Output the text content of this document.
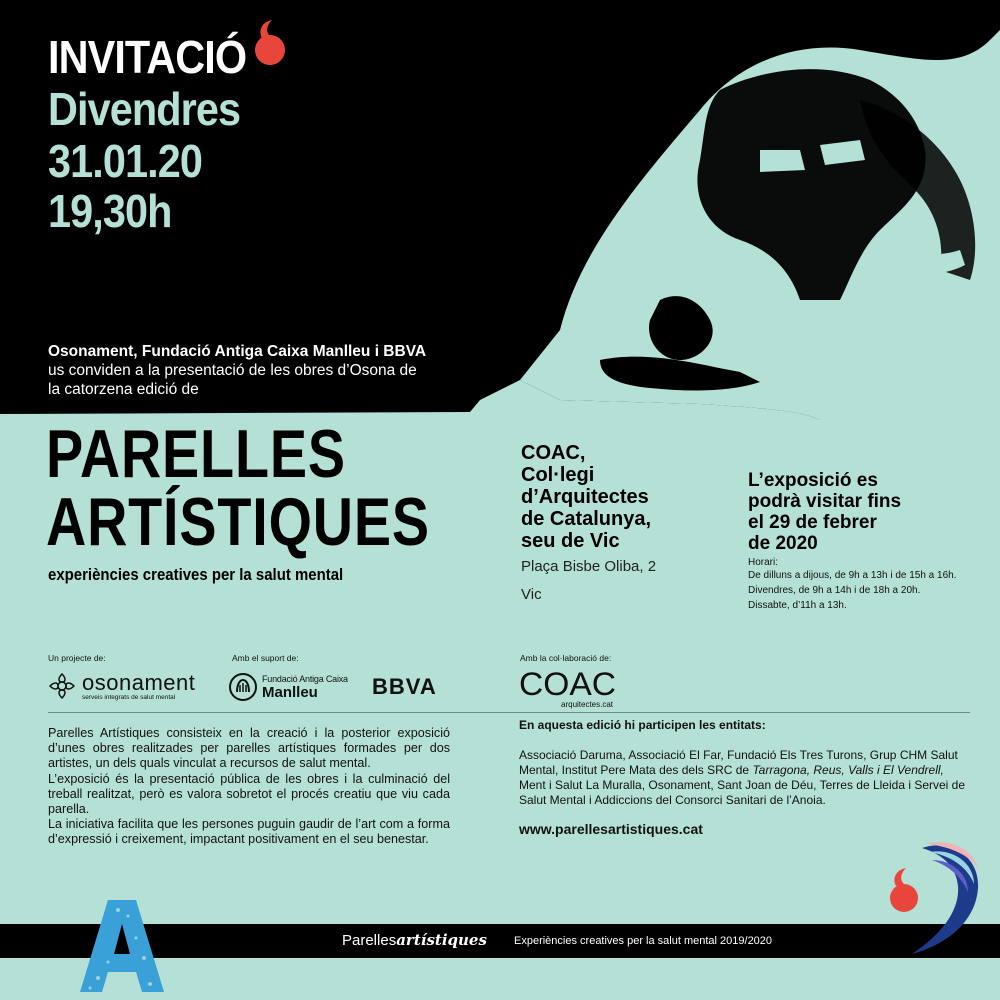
INVITACIÓ
Divendres
31.01.20
19,30h
Osonament, Fundació Antiga Caixa Manlleu i BBVA
us conviden a la presentació de les obres d’Osona de
la catorzena edició de
PARELLES
ARTÍSTIQUES
experiències creatives per la salut mental
COAC,
Col·legi
d’Arquitectes
de Catalunya,
seu de Vic
Plaça Bisbe Oliba, 2
Vic
L’exposició es
podrà visitar fins
el 29 de febrer
de 2020
Horari:
De dilluns a dijous, de 9h a 13h i de 15h a 16h.
Divendres, de 9h a 14h i de 18h a 20h.
Dissabte, d’11h a 13h.
Un projecte de:	Amb el suport de:	Amb la col·laboració de:
osonament
serveis integrats de salut mental
Fundació Antiga Caixa
Manlleu BBVA	COAC
arquitectes.cat

Parelles Artístiques consisteix en la creació i la posterior exposició d’unes obres realitzades per parelles artístiques formades per dos artistes, un dels quals vinculat a recursos de salut mental.

L’exposició és la presentació pública de les obres i la culminació del treball realitzat, però es valora sobretot el procés creatiu que viu cada parella.

La iniciativa facilita que les persones puguin gaudir de l’art com a forma d’expressió i creixement, impactant positivament en el seu benestar.

En aquesta edició hi participen les entitats:
Associació Daruma, Associació El Far, Fundació Els Tres Turons, Grup CHM Salut Mental, Institut Pere Mata des dels SRC de Tarragona, Reus, Valls i El Vendrell, Ment i Salut La Muralla, Osonament, Sant Joan de Déu, Terres de Lleida i Servei de Salut Mental i Addiccions del Consorci Sanitari de l’Anoia.
www.parellesartistiques.cat
Parellesartístiques Experiències creatives per la salut mental 2019/2020
